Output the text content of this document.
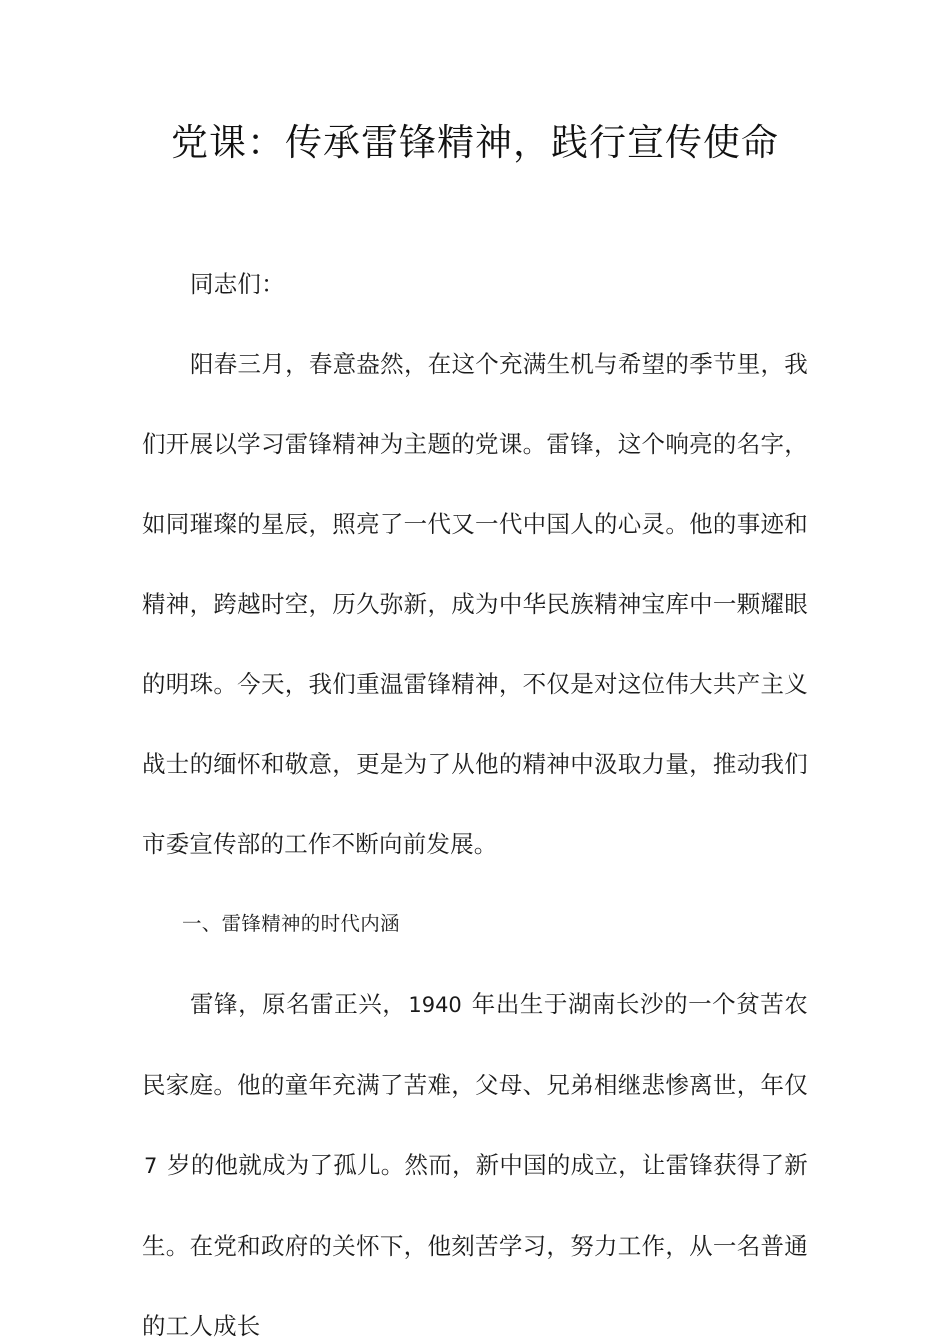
党课：传承雷锋精神，践行宣传使命

同志们：

阳春三月，春意盎然，在这个充满生机与希望的季节里，我们开展以学习雷锋精神为主题的党课。雷锋，这个响亮的名字，如同璀璨的星辰，照亮了一代又一代中国人的心灵。他的事迹和精神，跨越时空，历久弥新，成为中华民族精神宝库中一颗耀眼的明珠。今天，我们重温雷锋精神，不仅是对这位伟大共产主义战士的缅怀和敬意，更是为了从他的精神中汲取力量，推动我们市委宣传部的工作不断向前发展。

一、雷锋精神的时代内涵

雷锋，原名雷正兴，1940 年出生于湖南长沙的一个贫苦农民家庭。他的童年充满了苦难，父母、兄弟相继悲惨离世，年仅 7 岁的他就成为了孤儿。然而，新中国的成立，让雷锋获得了新生。在党和政府的关怀下，他刻苦学习，努力工作，从一名普通的工人成长
